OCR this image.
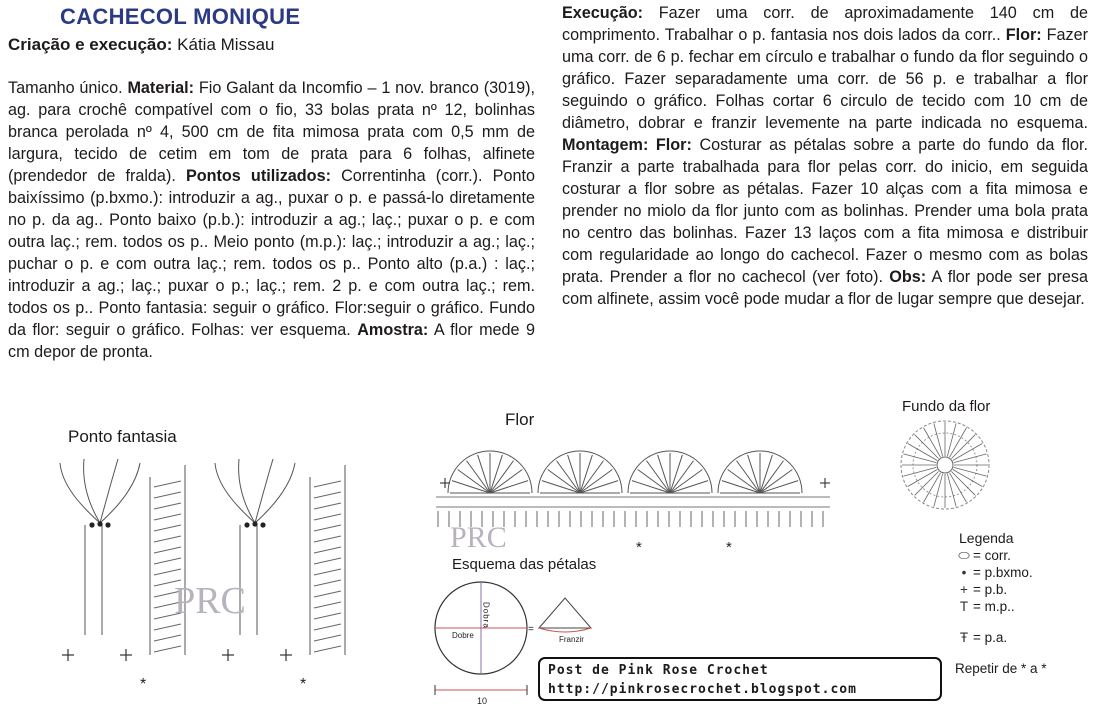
CACHECOL MONIQUE
Criação e execução: Kátia Missau
Tamanho único. Material: Fio Galant da Incomfio – 1 nov. branco (3019), ag. para crochê compatível com o fio, 33 bolas prata nº 12, bolinhas branca perolada nº 4, 500 cm de fita mimosa prata com 0,5 mm de largura, tecido de cetim em tom de prata para 6 folhas, alfinete (prendedor de fralda). Pontos utilizados: Correntinha (corr.). Ponto baixíssimo (p.bxmo.): introduzir a ag., puxar o p. e passá-lo diretamente no p. da ag.. Ponto baixo (p.b.): introduzir a ag.; laç.; puxar o p. e com outra laç.; rem. todos os p.. Meio ponto (m.p.): laç.; introduzir a ag.; laç.; puchar o p. e com outra laç.; rem. todos os p.. Ponto alto (p.a.) : laç.; introduzir a ag.; laç.; puxar o p.; laç.; rem. 2 p. e com outra laç.; rem. todos os p.. Ponto fantasia: seguir o gráfico. Flor:seguir o gráfico. Fundo da flor: seguir o gráfico. Folhas: ver esquema. Amostra: A flor mede 9 cm depor de pronta.
Execução: Fazer uma corr. de aproximadamente 140 cm de comprimento. Trabalhar o p. fantasia nos dois lados da corr.. Flor: Fazer uma corr. de 6 p. fechar em círculo e trabalhar o fundo da flor seguindo o gráfico. Fazer separadamente uma corr. de 56 p. e trabalhar a flor seguindo o gráfico. Folhas cortar 6 circulo de tecido com 10 cm de diâmetro, dobrar e franzir levemente na parte indicada no esquema. Montagem: Flor: Costurar as pétalas sobre a parte do fundo da flor. Franzir a parte trabalhada para flor pelas corr. do inicio, em seguida costurar a flor sobre as pétalas. Fazer 10 alças com a fita mimosa e prender no miolo da flor junto com as bolinhas. Prender uma bola prata no centro das bolinhas. Fazer 13 laços com a fita mimosa e distribuir com regularidade ao longo do cachecol. Fazer o mesmo com as bolas prata. Prender a flor no cachecol (ver foto). Obs: A flor pode ser presa com alfinete, assim você pode mudar a flor de lugar sempre que desejar.
Ponto fantasia
PRC
*	*
Flor
PRC	*	*
Fundo da flor
Esquema das pétalas
Dobra
Dobre
=
Franzir
10
Legenda
⬭ = corr.
• = p.bxmo.
+ = p.b.
T = m.p..
Ŧ = p.a.
Repetir de * a *
Post de Pink Rose Crochet
http://pinkrosecrochet.blogspot.com
